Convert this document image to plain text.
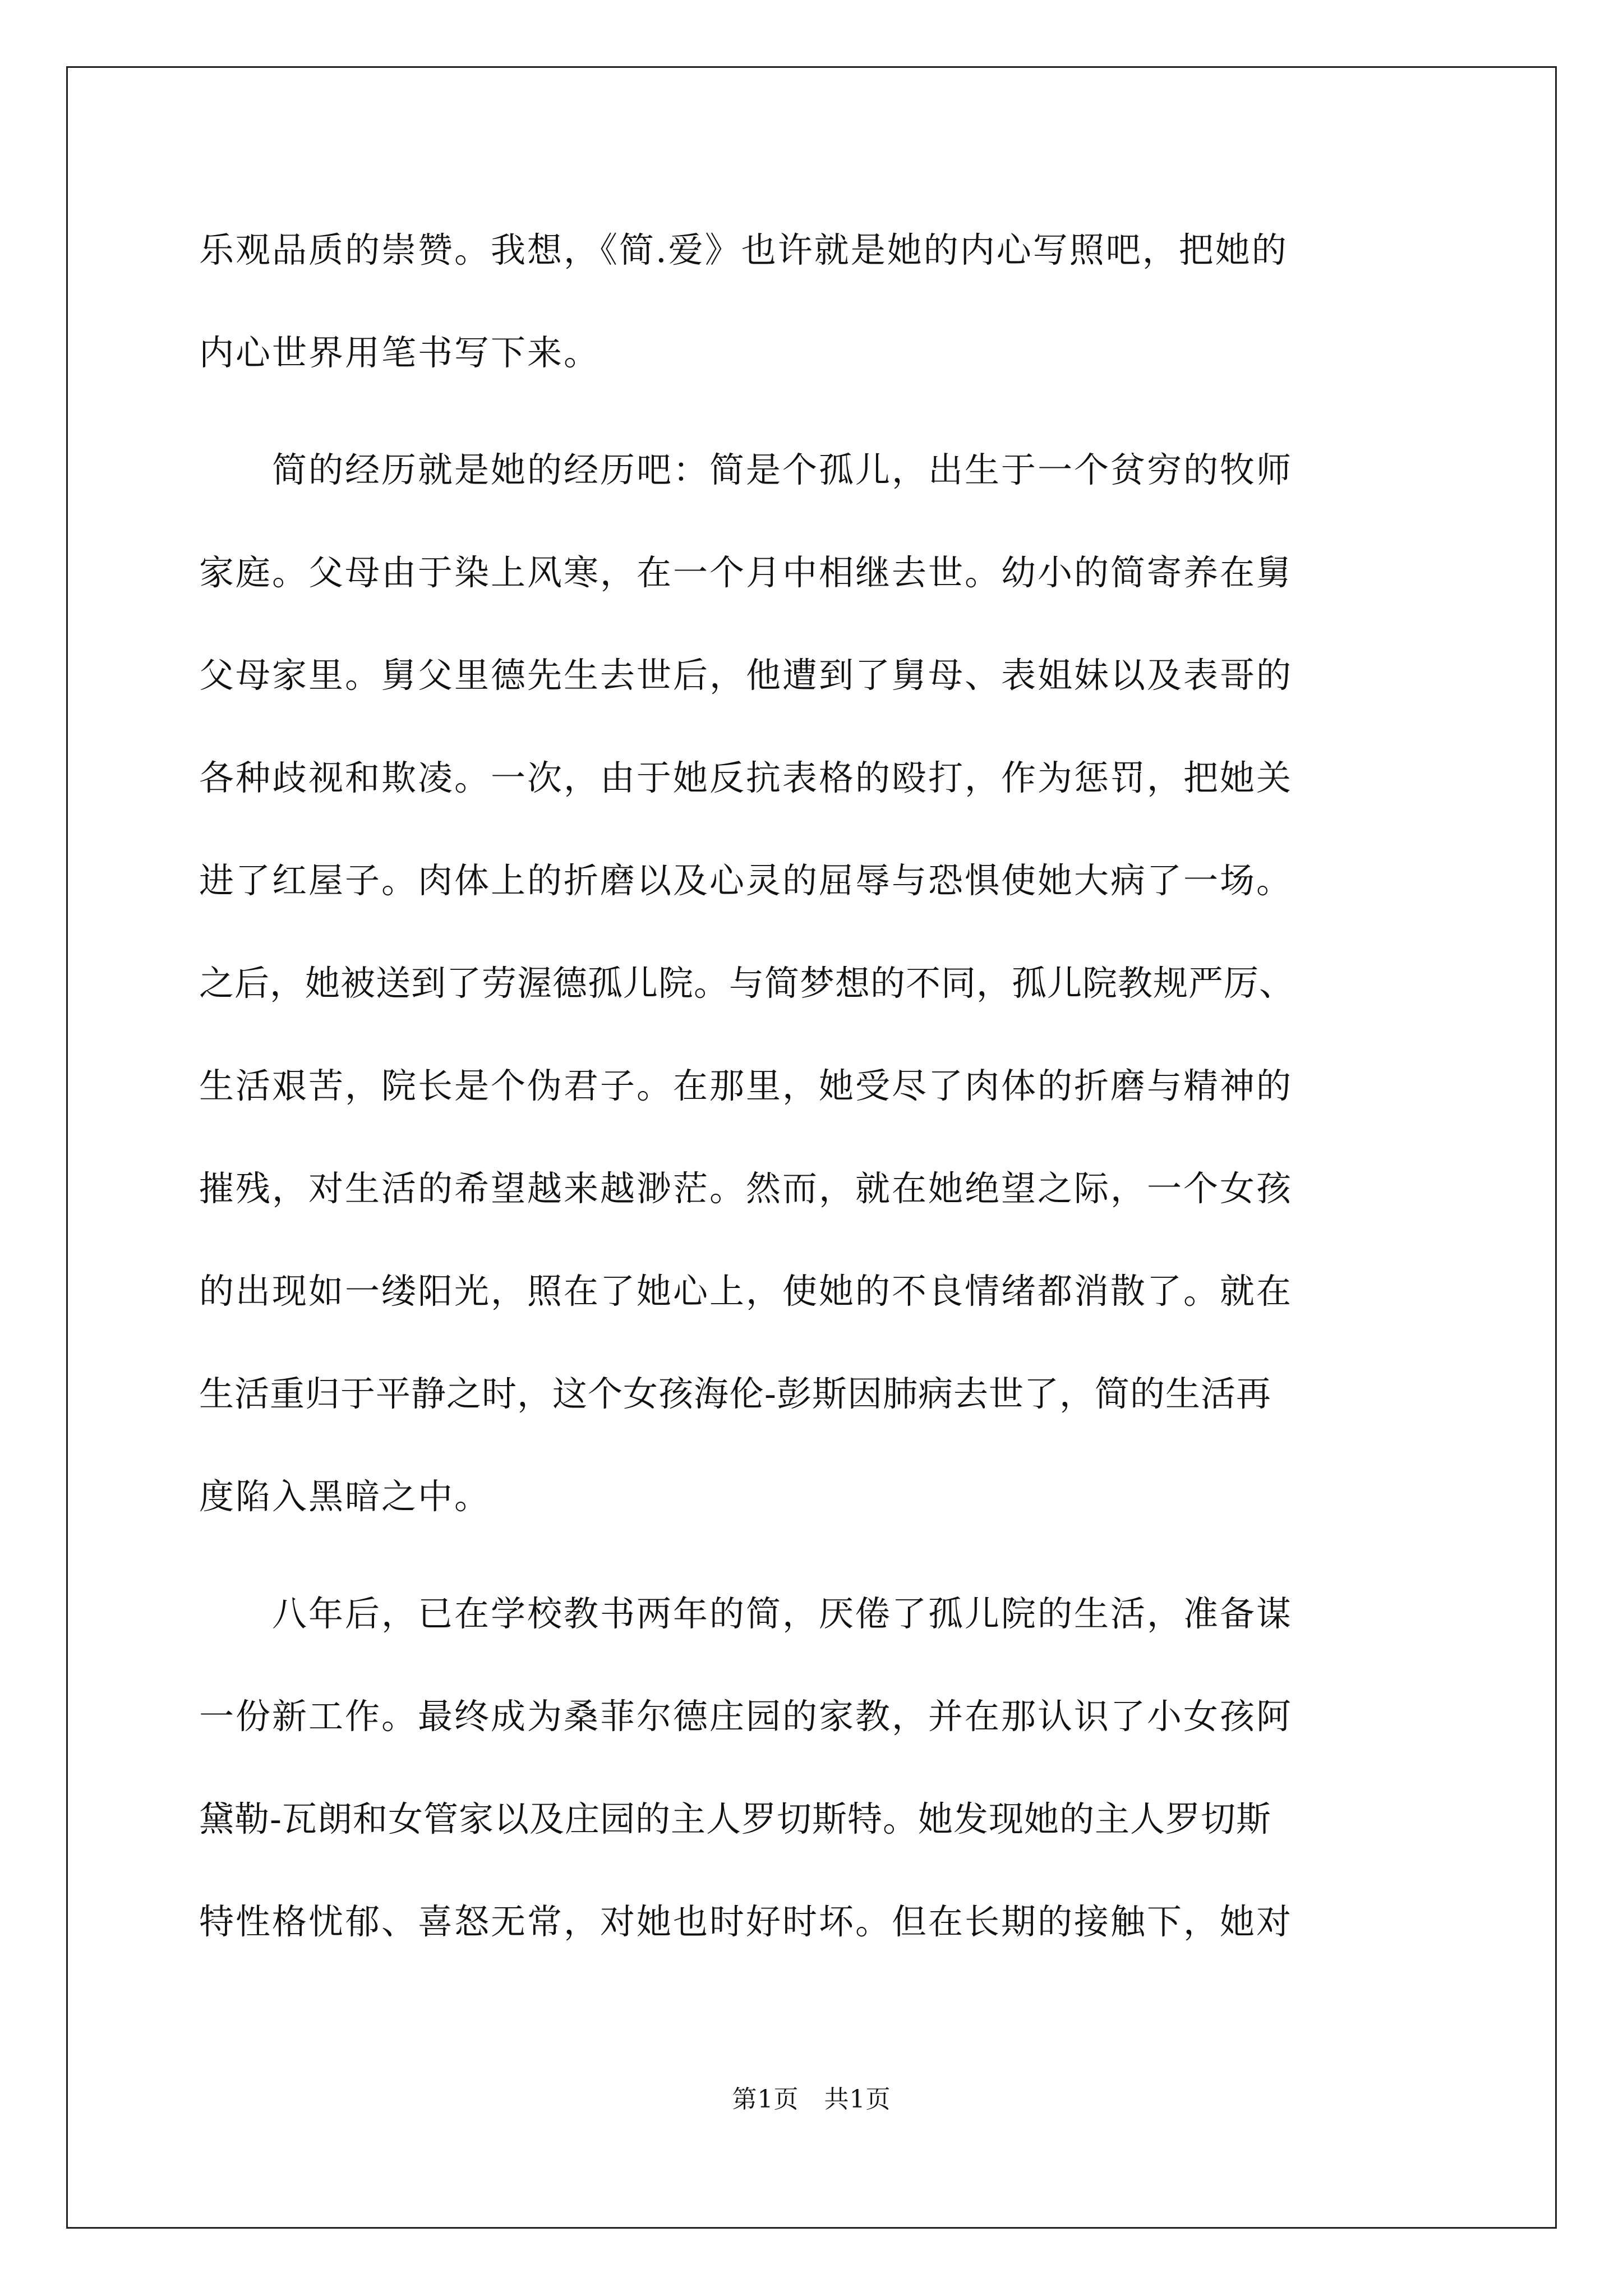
乐观品质的崇赞。我想，《简.爱》也许就是她的内心写照吧，把她的
内心世界用笔书写下来。
　　简的经历就是她的经历吧：简是个孤儿，出生于一个贫穷的牧师
家庭。父母由于染上风寒，在一个月中相继去世。幼小的简寄养在舅
父母家里。舅父里德先生去世后，他遭到了舅母、表姐妹以及表哥的
各种歧视和欺凌。一次，由于她反抗表格的殴打，作为惩罚，把她关
进了红屋子。肉体上的折磨以及心灵的屈辱与恐惧使她大病了一场。
之后，她被送到了劳渥德孤儿院。与简梦想的不同，孤儿院教规严厉、
生活艰苦，院长是个伪君子。在那里，她受尽了肉体的折磨与精神的
摧残，对生活的希望越来越渺茫。然而，就在她绝望之际，一个女孩
的出现如一缕阳光，照在了她心上，使她的不良情绪都消散了。就在
生活重归于平静之时，这个女孩海伦-彭斯因肺病去世了，简的生活再
度陷入黑暗之中。
　　八年后，已在学校教书两年的简，厌倦了孤儿院的生活，准备谋
一份新工作。最终成为桑菲尔德庄园的家教，并在那认识了小女孩阿
黛勒-瓦朗和女管家以及庄园的主人罗切斯特。她发现她的主人罗切斯
特性格忧郁、喜怒无常，对她也时好时坏。但在长期的接触下，她对
第1页　共1页
